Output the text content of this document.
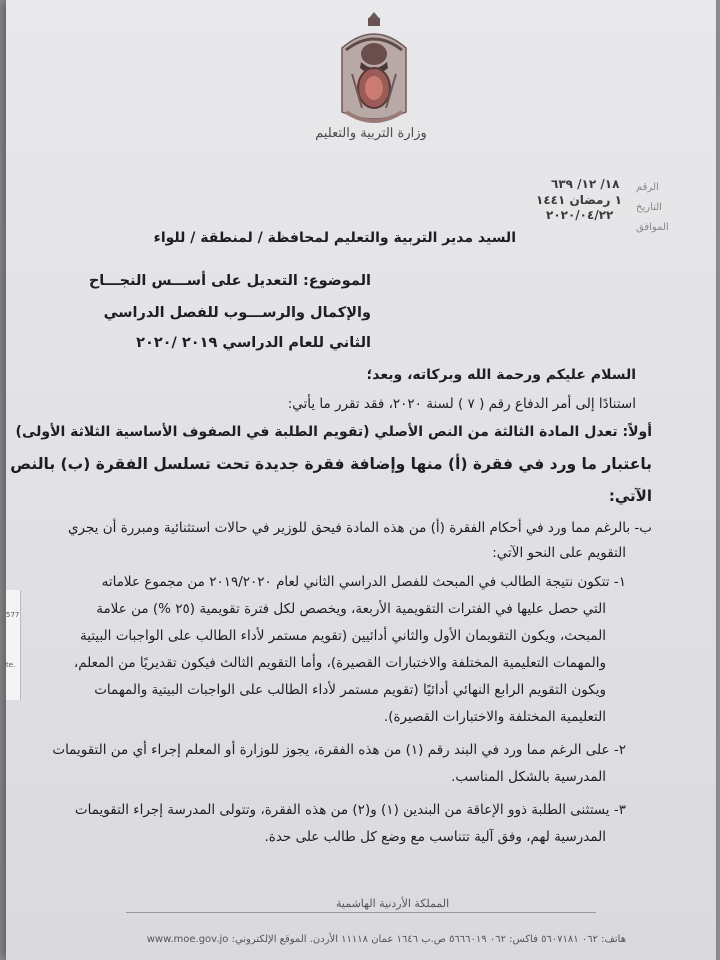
577
te.
وزارة التربية والتعليم
الرقم
١٨/ ١٢/ ٦٣٩
التاريخ
١ رمضان ١٤٤١
الموافق
٢٠٢٠/٠٤/٢٢
السيد مدير التربية والتعليم لمحافظة / لمنطقة / للواء
الموضوع: التعديل على أســـس النجـــاح
والإكمال والرســـوب للفصل الدراسي
الثاني للعام الدراسي ٢٠١٩ /٢٠٢٠
السلام عليكم ورحمة الله وبركاته، وبعد؛
استنادًا إلى أمر الدفاع رقم ( ٧ ) لسنة ٢٠٢٠، فقد تقرر ما يأتي:
أولاً: تعدل المادة الثالثة من النص الأصلي (تقويم الطلبة في الصفوف الأساسية الثلاثة الأولى)
باعتبار ما ورد في فقرة (أ) منها وإضافة فقرة جديدة تحت تسلسل الفقرة (ب) بالنص
الآتي:
ب- بالرغم مما ورد في أحكام الفقرة (أ) من هذه المادة فيحق للوزير في حالات استثنائية ومبررة أن يجري
التقويم على النحو الآتي:
١- تتكون نتيجة الطالب في المبحث للفصل الدراسي الثاني لعام ٢٠١٩/٢٠٢٠ من مجموع علاماته
التي حصل عليها في الفترات التقويمية الأربعة، ويخصص لكل فترة تقويمية (٢٥ %) من علامة
المبحث، ويكون التقويمان الأول والثاني أدائيين (تقويم مستمر لأداء الطالب على الواجبات البيتية
والمهمات التعليمية المختلفة والاختبارات القصيرة)، وأما التقويم الثالث فيكون تقديريًا من المعلم،
ويكون التقويم الرابع النهائي أدائيًا (تقويم مستمر لأداء الطالب على الواجبات البيتية والمهمات
التعليمية المختلفة والاختبارات القصيرة).
٢- على الرغم مما ورد في البند رقم (١) من هذه الفقرة، يجوز للوزارة أو المعلم إجراء أي من التقويمات
المدرسية بالشكل المناسب.
٣- يستثنى الطلبة ذوو الإعاقة من البندين (١) و(٢) من هذه الفقرة، وتتولى المدرسة إجراء التقويمات
المدرسية لهم، وفق آلية تتناسب مع وضع كل طالب على حدة.
المملكة الأردنية الهاشمية
هاتف: ٠٦٢ ٥٦٠٧١٨١ فاكس: ٠٦٢ ٥٦٦٦٠١٩ ص.ب ١٦٤٦ عمان ١١١١٨ الأردن. الموقع الإلكتروني: www.moe.gov.jo
